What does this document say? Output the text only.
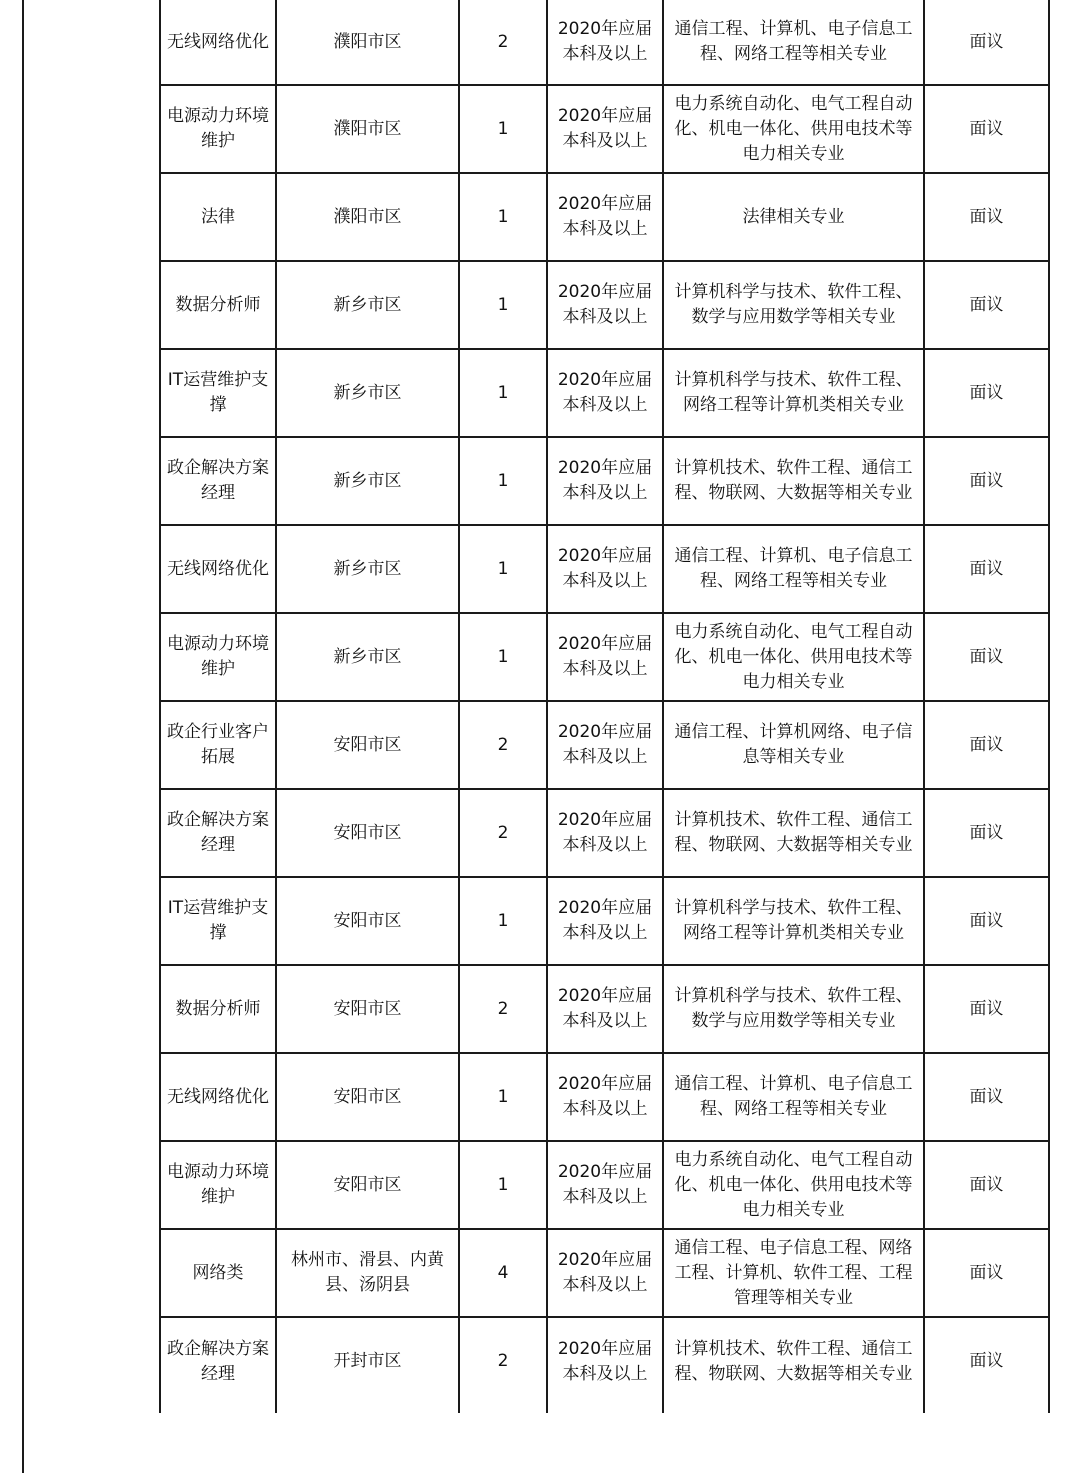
无线网络优化	濮阳市区	2	2020年应届本科及以上	通信工程、计算机、电子信息工程、网络工程等相关专业	面议
电源动力环境维护	濮阳市区	1	2020年应届本科及以上	电力系统自动化、电气工程自动化、机电一体化、供用电技术等电力相关专业	面议
法律	濮阳市区	1	2020年应届本科及以上	法律相关专业	面议
数据分析师	新乡市区	1	2020年应届本科及以上	计算机科学与技术、软件工程、数学与应用数学等相关专业	面议
IT运营维护支撑	新乡市区	1	2020年应届本科及以上	计算机科学与技术、软件工程、网络工程等计算机类相关专业	面议
政企解决方案经理	新乡市区	1	2020年应届本科及以上	计算机技术、软件工程、通信工程、物联网、大数据等相关专业	面议
无线网络优化	新乡市区	1	2020年应届本科及以上	通信工程、计算机、电子信息工程、网络工程等相关专业	面议
电源动力环境维护	新乡市区	1	2020年应届本科及以上	电力系统自动化、电气工程自动化、机电一体化、供用电技术等电力相关专业	面议
政企行业客户拓展	安阳市区	2	2020年应届本科及以上	通信工程、计算机网络、电子信息等相关专业	面议
政企解决方案经理	安阳市区	2	2020年应届本科及以上	计算机技术、软件工程、通信工程、物联网、大数据等相关专业	面议
IT运营维护支撑	安阳市区	1	2020年应届本科及以上	计算机科学与技术、软件工程、网络工程等计算机类相关专业	面议
数据分析师	安阳市区	2	2020年应届本科及以上	计算机科学与技术、软件工程、数学与应用数学等相关专业	面议
无线网络优化	安阳市区	1	2020年应届本科及以上	通信工程、计算机、电子信息工程、网络工程等相关专业	面议
电源动力环境维护	安阳市区	1	2020年应届本科及以上	电力系统自动化、电气工程自动化、机电一体化、供用电技术等电力相关专业	面议
网络类	林州市、滑县、内黄县、汤阴县	4	2020年应届本科及以上	通信工程、电子信息工程、网络工程、计算机、软件工程、工程管理等相关专业	面议
政企解决方案经理	开封市区	2	2020年应届本科及以上	计算机技术、软件工程、通信工程、物联网、大数据等相关专业	面议
